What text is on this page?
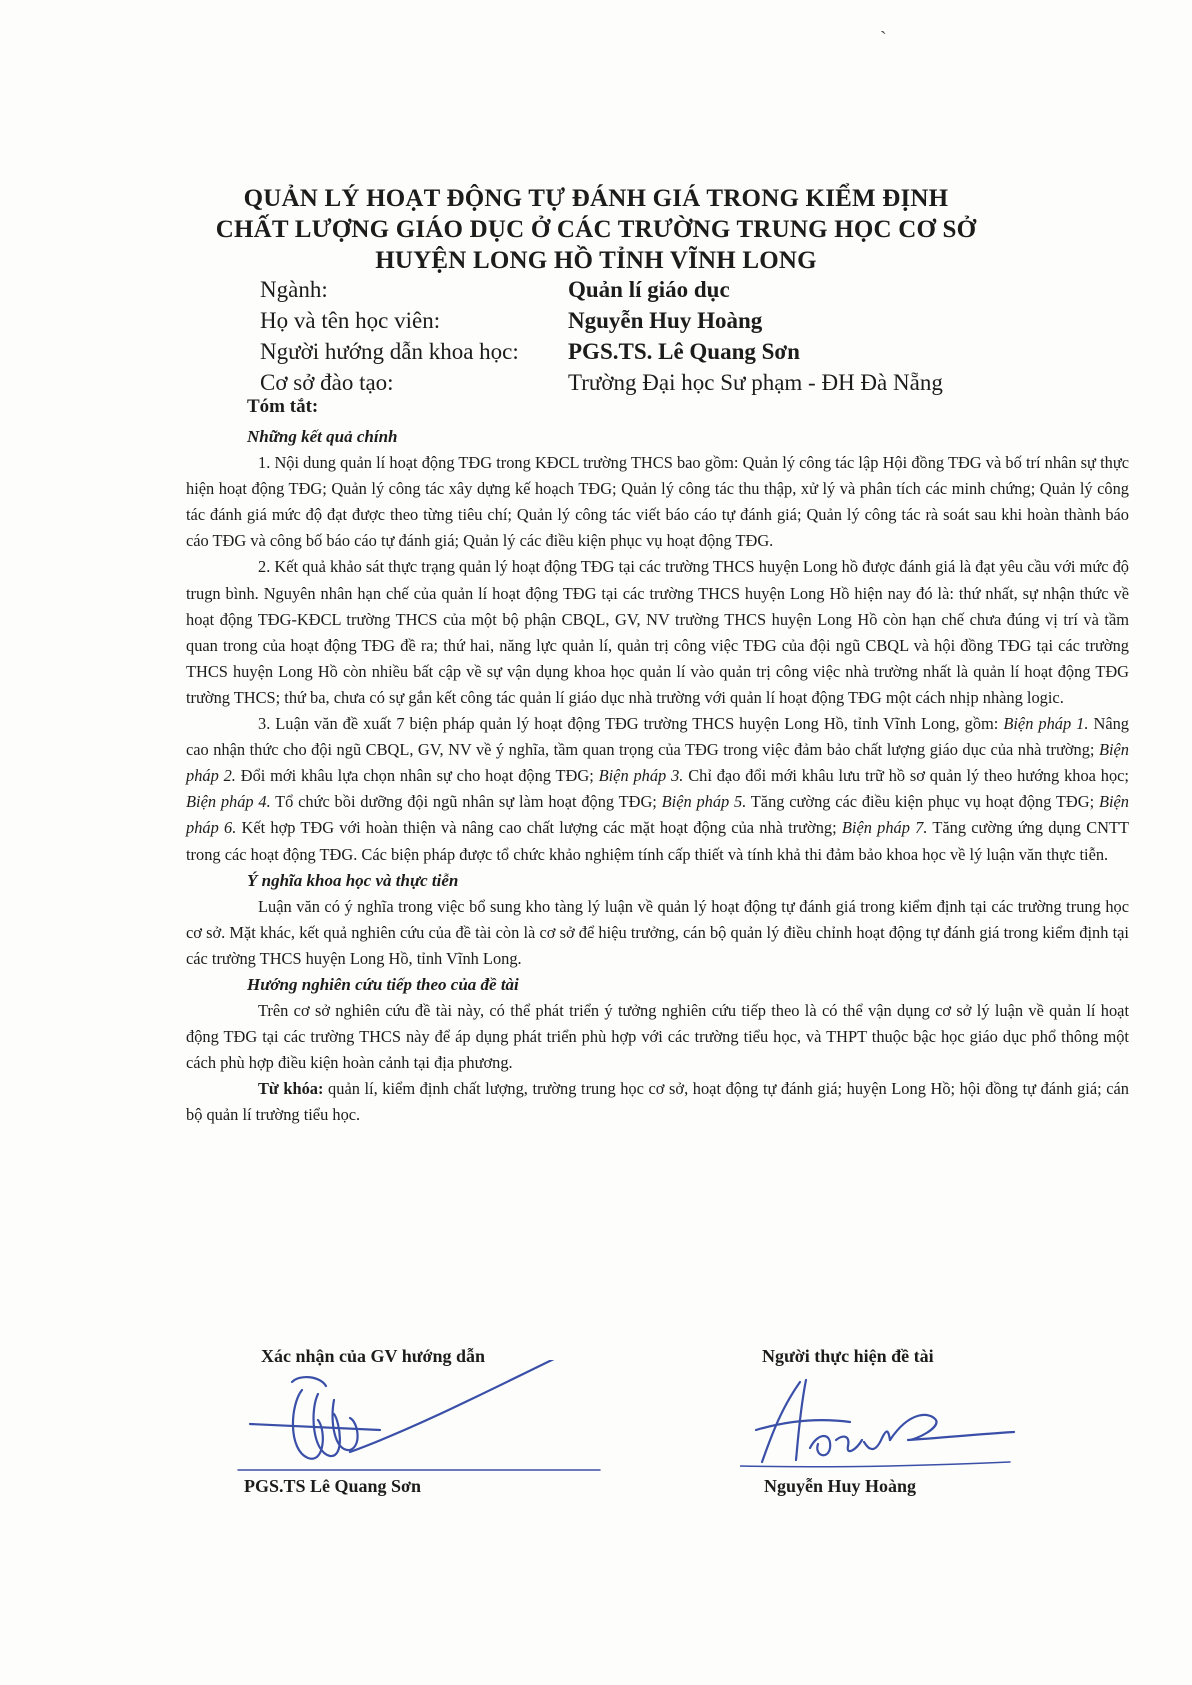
ˋ
QUẢN LÝ HOẠT ĐỘNG TỰ ĐÁNH GIÁ TRONG KIỂM ĐỊNH
CHẤT LƯỢNG GIÁO DỤC Ở CÁC TRƯỜNG TRUNG HỌC CƠ SỞ
HUYỆN LONG HỒ TỈNH VĨNH LONG
Ngành:	Quản lí giáo dục
Họ và tên học viên:	Nguyễn Huy Hoàng
Người hướng dẫn khoa học:	PGS.TS. Lê Quang Sơn
Cơ sở đào tạo:	Trường Đại học Sư phạm - ĐH Đà Nẵng
Tóm tắt:
Những kết quả chính

1. Nội dung quản lí hoạt động TĐG trong KĐCL trường THCS bao gồm: Quản lý công tác lập Hội đồng TĐG và bố trí nhân sự thực hiện hoạt động TĐG; Quản lý công tác xây dựng kế hoạch TĐG; Quản lý công tác thu thập, xử lý và phân tích các minh chứng; Quản lý công tác đánh giá mức độ đạt được theo từng tiêu chí; Quản lý công tác viết báo cáo tự đánh giá; Quản lý công tác rà soát sau khi hoàn thành báo cáo TĐG và công bố báo cáo tự đánh giá; Quản lý các điều kiện phục vụ hoạt động TĐG.

2. Kết quả khảo sát thực trạng quản lý hoạt động TĐG tại các trường THCS huyện Long hồ được đánh giá là đạt yêu cầu với mức độ trugn bình. Nguyên nhân hạn chế của quản lí hoạt động TĐG tại các trường THCS huyện Long Hồ hiện nay đó là: thứ nhất, sự nhận thức về hoạt động TĐG-KĐCL trường THCS của một bộ phận CBQL, GV, NV trường THCS huyện Long Hồ còn hạn chế chưa đúng vị trí và tầm quan trong của hoạt động TĐG đề ra; thứ hai, năng lực quản lí, quản trị công việc TĐG của đội ngũ CBQL và hội đồng TĐG tại các trường THCS huyện Long Hồ còn nhiều bất cập về sự vận dụng khoa học quản lí vào quản trị công việc nhà trường nhất là quản lí hoạt động TĐG trường THCS; thứ ba, chưa có sự gắn kết công tác quản lí giáo dục nhà trường với quản lí hoạt động TĐG một cách nhịp nhàng logic.

3. Luận văn đề xuất 7 biện pháp quản lý hoạt động TĐG trường THCS huyện Long Hồ, tỉnh Vĩnh Long, gồm: Biện pháp 1. Nâng cao nhận thức cho đội ngũ CBQL, GV, NV về ý nghĩa, tầm quan trọng của TĐG trong việc đảm bảo chất lượng giáo dục của nhà trường; Biện pháp 2. Đổi mới khâu lựa chọn nhân sự cho hoạt động TĐG; Biện pháp 3. Chỉ đạo đổi mới khâu lưu trữ hồ sơ quản lý theo hướng khoa học; Biện pháp 4. Tổ chức bồi dưỡng đội ngũ nhân sự làm hoạt động TĐG; Biện pháp 5. Tăng cường các điều kiện phục vụ hoạt động TĐG; Biện pháp 6. Kết hợp TĐG với hoàn thiện và nâng cao chất lượng các mặt hoạt động của nhà trường; Biện pháp 7. Tăng cường ứng dụng CNTT trong các hoạt động TĐG. Các biện pháp được tổ chức khảo nghiệm tính cấp thiết và tính khả thi đảm bảo khoa học về lý luận văn thực tiễn.

Ý nghĩa khoa học và thực tiễn

Luận văn có ý nghĩa trong việc bổ sung kho tàng lý luận về quản lý hoạt động tự đánh giá trong kiểm định tại các trường trung học cơ sở. Mặt khác, kết quả nghiên cứu của đề tài còn là cơ sở để hiệu trưởng, cán bộ quản lý điều chỉnh hoạt động tự đánh giá trong kiểm định tại các trường THCS huyện Long Hồ, tỉnh Vĩnh Long.

Hướng nghiên cứu tiếp theo của đề tài

Trên cơ sở nghiên cứu đề tài này, có thể phát triển ý tưởng nghiên cứu tiếp theo là có thể vận dụng cơ sở lý luận về quản lí hoạt động TĐG tại các trường THCS này để áp dụng phát triển phù hợp với các trường tiểu học, và THPT thuộc bậc học giáo dục phổ thông một cách phù hợp điều kiện hoàn cảnh tại địa phương.

Từ khóa: quản lí, kiểm định chất lượng, trường trung học cơ sở, hoạt động tự đánh giá; huyện Long Hồ; hội đồng tự đánh giá; cán bộ quản lí trường tiểu học.

Xác nhận của GV hướng dẫn	Người thực hiện đề tài
PGS.TS Lê Quang Sơn	Nguyễn Huy Hoàng
